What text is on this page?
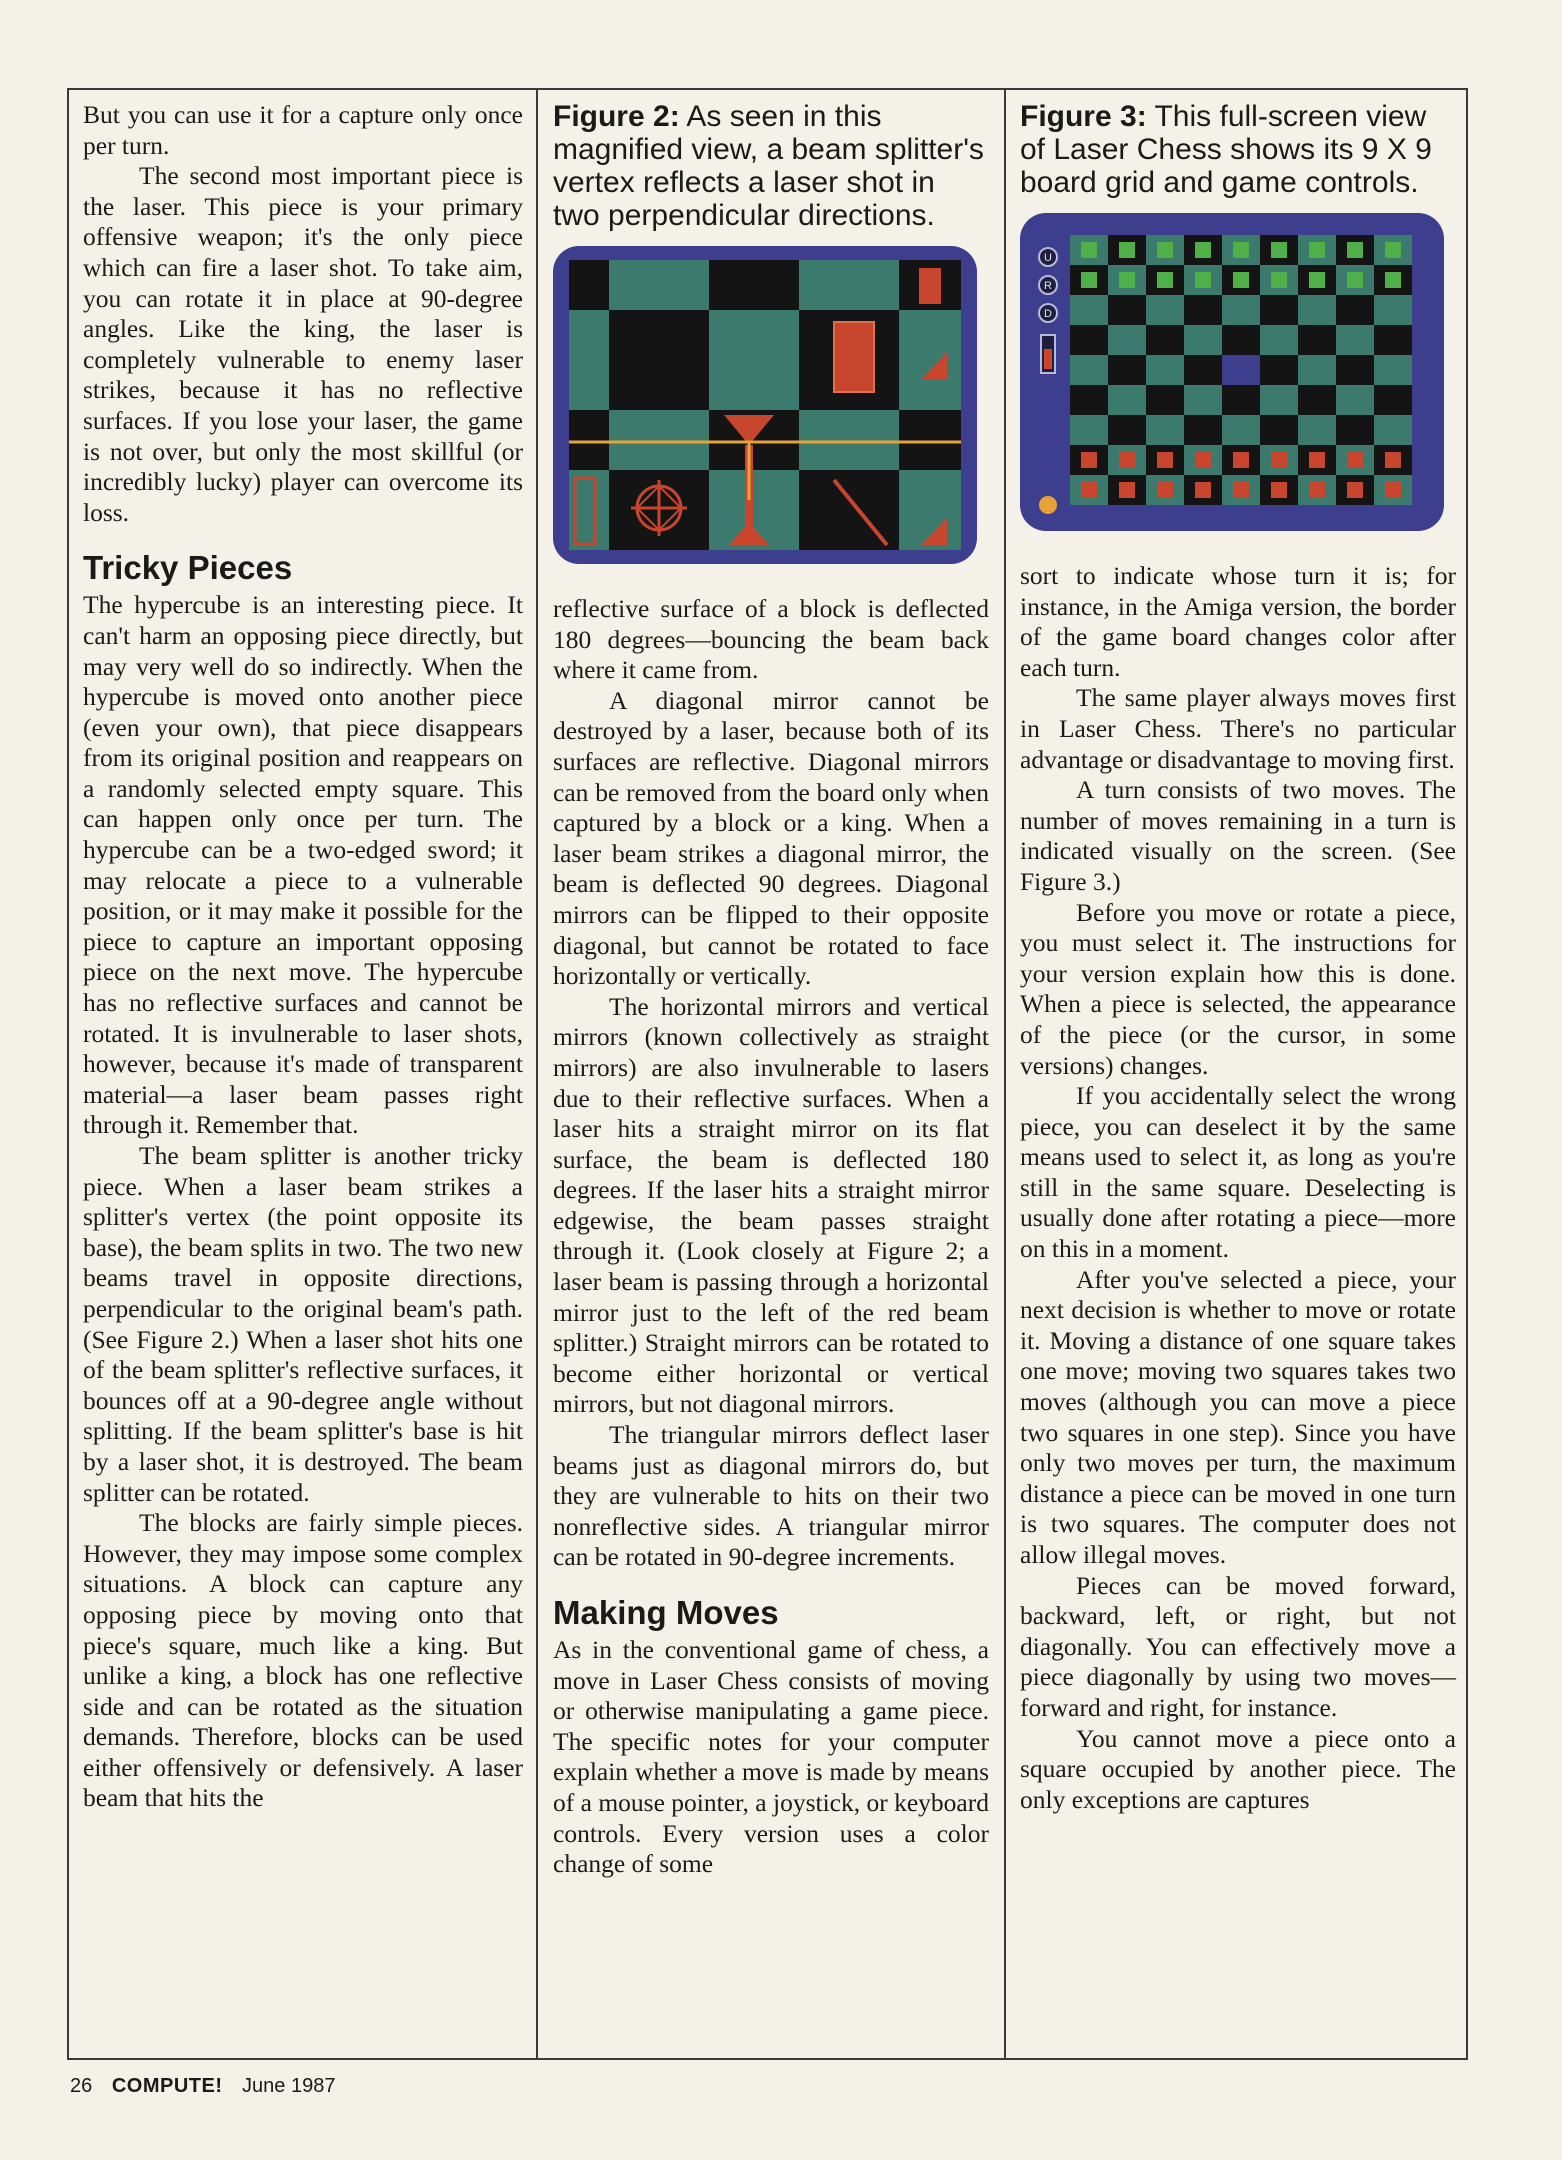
But you can use it for a capture only once per turn.

The second most important piece is the laser. This piece is your primary offensive weapon; it's the only piece which can fire a laser shot. To take aim, you can rotate it in place at 90-degree angles. Like the king, the laser is completely vulnerable to enemy laser strikes, because it has no reflective surfaces. If you lose your laser, the game is not over, but only the most skillful (or incredibly lucky) player can overcome its loss.

Tricky Pieces

The hypercube is an interesting piece. It can't harm an opposing piece directly, but may very well do so indirectly. When the hypercube is moved onto another piece (even your own), that piece disappears from its original position and reappears on a randomly selected empty square. This can happen only once per turn. The hypercube can be a two-edged sword; it may relocate a piece to a vulnerable position, or it may make it possible for the piece to capture an important opposing piece on the next move. The hypercube has no reflective surfaces and cannot be rotated. It is invulnerable to laser shots, however, because it's made of transparent material—a laser beam passes right through it. Remember that.

The beam splitter is another tricky piece. When a laser beam strikes a splitter's vertex (the point opposite its base), the beam splits in two. The two new beams travel in opposite directions, perpendicular to the original beam's path. (See Figure 2.) When a laser shot hits one of the beam splitter's reflective surfaces, it bounces off at a 90-degree angle without splitting. If the beam splitter's base is hit by a laser shot, it is destroyed. The beam splitter can be rotated.

The blocks are fairly simple pieces. However, they may impose some complex situations. A block can capture any opposing piece by moving onto that piece's square, much like a king. But unlike a king, a block has one reflective side and can be rotated as the situation demands. Therefore, blocks can be used either offensively or defensively. A laser beam that hits the

Figure 2: As seen in this magnified view, a beam splitter's vertex reflects a laser shot in two perpendicular directions.

reflective surface of a block is deflected 180 degrees—bouncing the beam back where it came from.

A diagonal mirror cannot be destroyed by a laser, because both of its surfaces are reflective. Diagonal mirrors can be removed from the board only when captured by a block or a king. When a laser beam strikes a diagonal mirror, the beam is deflected 90 degrees. Diagonal mirrors can be flipped to their opposite diagonal, but cannot be rotated to face horizontally or vertically.

The horizontal mirrors and vertical mirrors (known collectively as straight mirrors) are also invulnerable to lasers due to their reflective surfaces. When a laser hits a straight mirror on its flat surface, the beam is deflected 180 degrees. If the laser hits a straight mirror edgewise, the beam passes straight through it. (Look closely at Figure 2; a laser beam is passing through a horizontal mirror just to the left of the red beam splitter.) Straight mirrors can be rotated to become either horizontal or vertical mirrors, but not diagonal mirrors.

The triangular mirrors deflect laser beams just as diagonal mirrors do, but they are vulnerable to hits on their two nonreflective sides. A triangular mirror can be rotated in 90-degree increments.

Making Moves

As in the conventional game of chess, a move in Laser Chess consists of moving or otherwise manipulating a game piece. The specific notes for your computer explain whether a move is made by means of a mouse pointer, a joystick, or keyboard controls. Every version uses a color change of some

Figure 3: This full-screen view of Laser Chess shows its 9 X 9 board grid and game controls.
U
R
D

sort to indicate whose turn it is; for instance, in the Amiga version, the border of the game board changes color after each turn.

The same player always moves first in Laser Chess. There's no particular advantage or disadvantage to moving first.

A turn consists of two moves. The number of moves remaining in a turn is indicated visually on the screen. (See Figure 3.)

Before you move or rotate a piece, you must select it. The instructions for your version explain how this is done. When a piece is selected, the appearance of the piece (or the cursor, in some versions) changes.

If you accidentally select the wrong piece, you can deselect it by the same means used to select it, as long as you're still in the same square. Deselecting is usually done after rotating a piece—more on this in a moment.

After you've selected a piece, your next decision is whether to move or rotate it. Moving a distance of one square takes one move; moving two squares takes two moves (although you can move a piece two squares in one step). Since you have only two moves per turn, the maximum distance a piece can be moved in one turn is two squares. The computer does not allow illegal moves.

Pieces can be moved forward, backward, left, or right, but not diagonally. You can effectively move a piece diagonally by using two moves—forward and right, for instance.

You cannot move a piece onto a square occupied by another piece. The only exceptions are captures

26 COMPUTE! June 1987
